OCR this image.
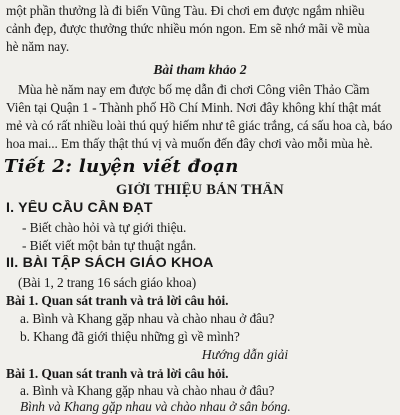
một phần thưởng là đi biển Vũng Tàu. Đi chơi em được ngắm nhiều
cảnh đẹp, được thưởng thức nhiều món ngon. Em sẽ nhớ mãi về mùa
hè năm nay.
Bài tham khảo 2
Mùa hè năm nay em được bố mẹ dẫn đi chơi Công viên Thảo Cầm
Viên tại Quận 1 - Thành phố Hồ Chí Minh. Nơi đây không khí thật mát
mẻ và có rất nhiều loài thú quý hiếm như tê giác trắng, cá sấu hoa cà, báo
hoa mai... Em thấy thật thú vị và muốn đến đây chơi vào mỗi mùa hè.
Tiết 2: luyện viết đoạn
GIỚI THIỆU BẢN THÂN
I. YÊU CẦU CẦN ĐẠT
- Biết chào hỏi và tự giới thiệu.
- Biết viết một bản tự thuật ngắn.
II. BÀI TẬP SÁCH GIÁO KHOA
(Bài 1, 2 trang 16 sách giáo khoa)
Bài 1. Quan sát tranh và trả lời câu hỏi.
a. Bình và Khang gặp nhau và chào nhau ở đâu?
b. Khang đã giới thiệu những gì về mình?
Hướng dẫn giải
Bài 1. Quan sát tranh và trả lời câu hỏi.
a. Bình và Khang gặp nhau và chào nhau ở đâu?
Bình và Khang gặp nhau và chào nhau ở sân bóng.
